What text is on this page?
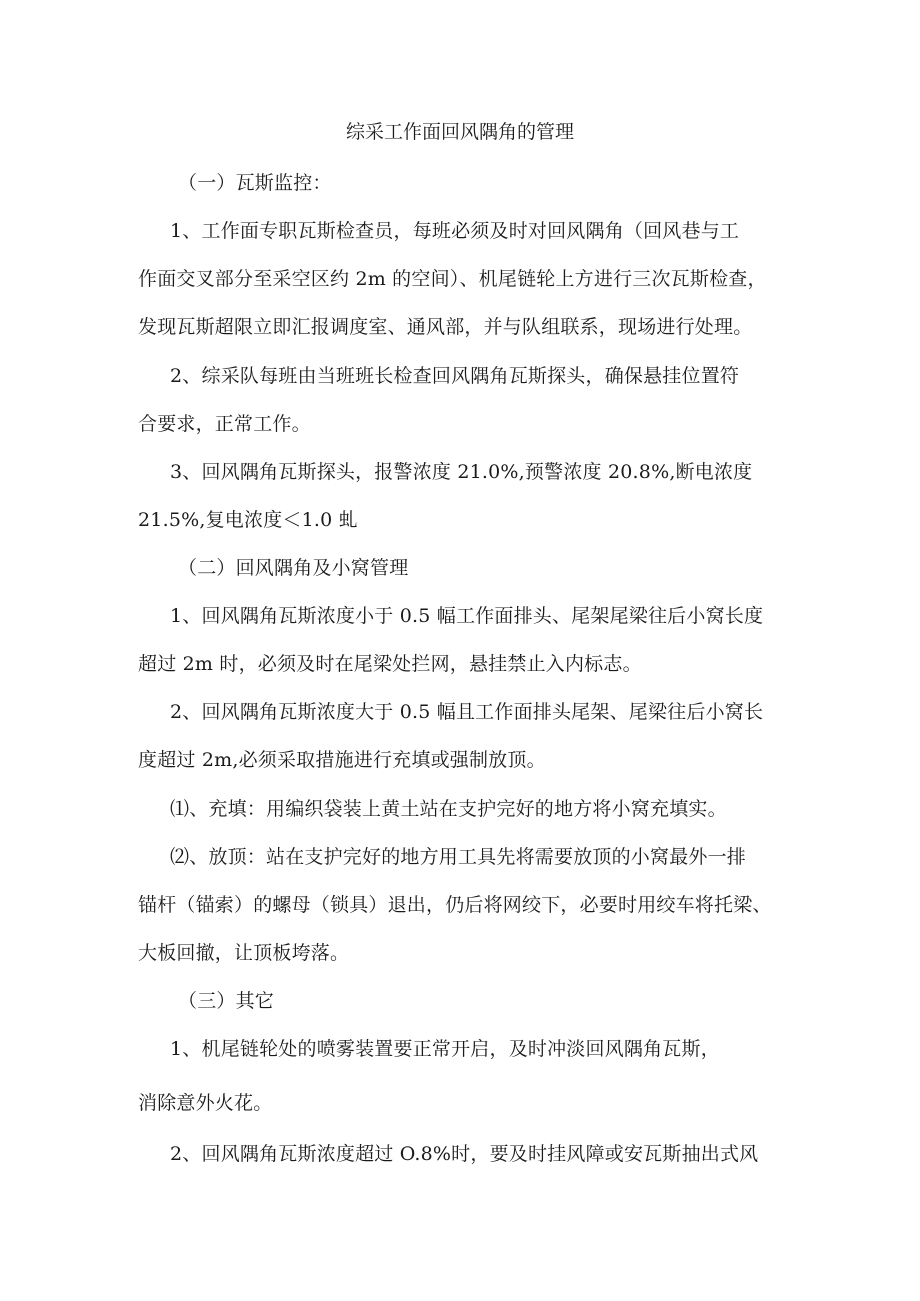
综采工作面回风隅角的管理
（一）瓦斯监控：
1、工作面专职瓦斯检查员，每班必须及时对回风隅角（回风巷与工
作面交叉部分至采空区约 2m 的空间）、机尾链轮上方进行三次瓦斯检查，
发现瓦斯超限立即汇报调度室、通风部，并与队组联系，现场进行处理。
2、综采队每班由当班班长检查回风隅角瓦斯探头，确保悬挂位置符
合要求，正常工作。
3、回风隅角瓦斯探头，报警浓度 21.0%,预警浓度 20.8%,断电浓度
21.5%,复电浓度＜1.0 虬
（二）回风隅角及小窝管理
1、回风隅角瓦斯浓度小于 0.5 幅工作面排头、尾架尾梁往后小窝长度
超过 2m 时，必须及时在尾梁处拦网，悬挂禁止入内标志。
2、回风隅角瓦斯浓度大于 0.5 幅且工作面排头尾架、尾梁往后小窝长
度超过 2m,必须采取措施进行充填或强制放顶。
⑴、充填：用编织袋装上黄土站在支护完好的地方将小窝充填实。
⑵、放顶：站在支护完好的地方用工具先将需要放顶的小窝最外一排
锚杆（锚索）的螺母（锁具）退出，仍后将网绞下，必要时用绞车将托梁、
大板回撤，让顶板垮落。
（三）其它
1、机尾链轮处的喷雾装置要正常开启，及时冲淡回风隅角瓦斯，
消除意外火花。
2、回风隅角瓦斯浓度超过 O.8%时，要及时挂风障或安瓦斯抽出式风
